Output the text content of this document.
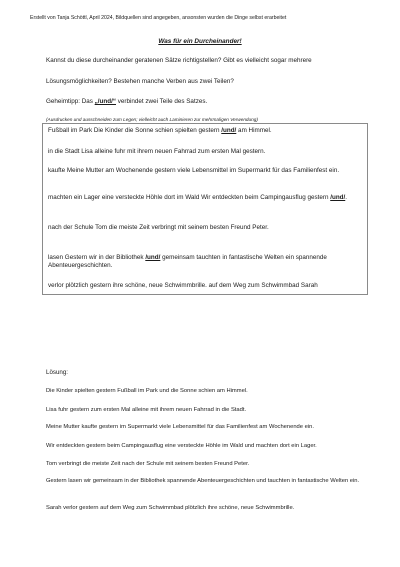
Erstellt von Tanja Schöttl, April 2024, Bildquellen sind angegeben, ansonsten wurden die Dinge selbst erarbeitet
Was für ein Durcheinander!
Kannst du diese durcheinander geratenen Sätze richtigstellen? Gibt es vielleicht sogar mehrere
Lösungsmöglichkeiten? Bestehen manche Verben aus zwei Teilen?
Geheimtipp: Das „/und/“ verbindet zwei Teile des Satzes.
(Ausdrucken und ausschneiden zum Legen; vielleicht auch Laminieren zur mehrmaligen Verwendung)
Fußball im Park Die Kinder die Sonne schien spielten gestern /und/ am Himmel.
in die Stadt Lisa alleine fuhr mit ihrem neuen Fahrrad zum ersten Mal gestern.
kaufte Meine Mutter am Wochenende gestern viele Lebensmittel im Supermarkt für das Familienfest ein.
machten ein Lager eine versteckte Höhle dort im Wald Wir entdeckten beim Campingausflug gestern /und/.
nach der Schule Tom die meiste Zeit verbringt mit seinem besten Freund Peter.
lasen Gestern wir in der Bibliothek /und/ gemeinsam tauchten in fantastische Welten ein spannende Abenteuergeschichten.
verlor plötzlich gestern ihre schöne, neue Schwimmbrille. auf dem Weg zum Schwimmbad Sarah
Lösung:
Die Kinder spielten gestern Fußball im Park und die Sonne schien am Himmel.
Lisa fuhr gestern zum ersten Mal alleine mit ihrem neuen Fahrrad in die Stadt.
Meine Mutter kaufte gestern im Supermarkt viele Lebensmittel für das Familienfest am Wochenende ein.
Wir entdeckten gestern beim Campingausflug eine versteckte Höhle im Wald und machten dort ein Lager.
Tom verbringt die meiste Zeit nach der Schule mit seinem besten Freund Peter.
Gestern lasen wir gemeinsam in der Bibliothek spannende Abenteuergeschichten und tauchten in fantastische Welten ein.
Sarah verlor gestern auf dem Weg zum Schwimmbad plötzlich ihre schöne, neue Schwimmbrille.
